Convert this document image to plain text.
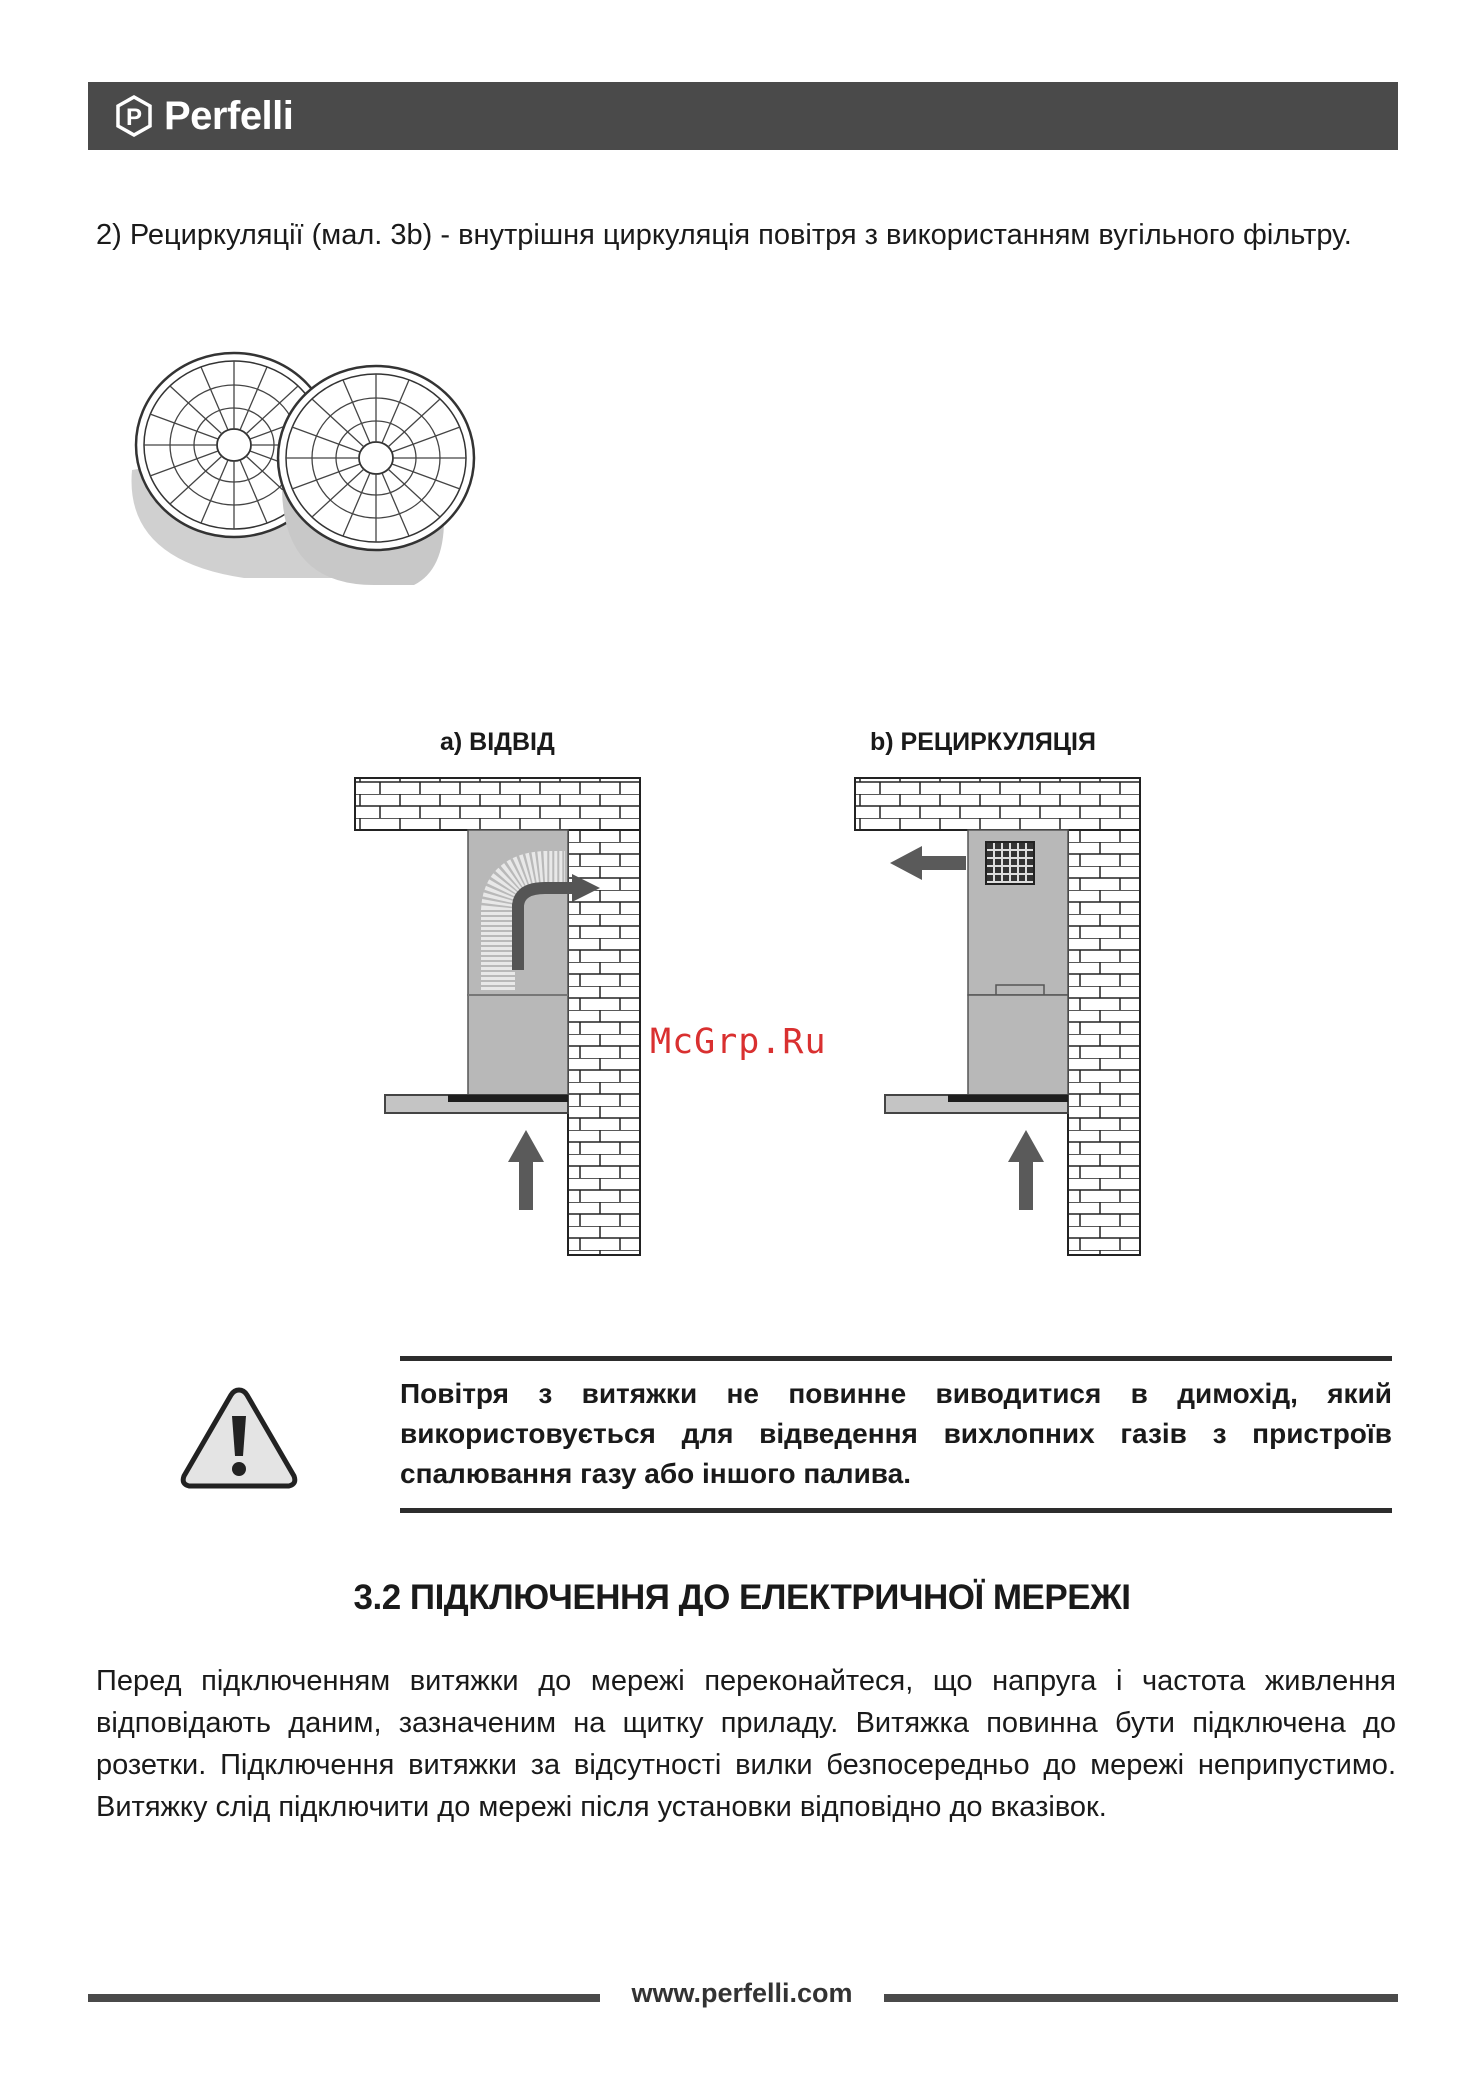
P Perfelli
2) Рециркуляції (мал. 3b) - внутрішня циркуляція повітря з використанням вугільного фільтру.
a) ВІДВІД	b) РЕЦИРКУЛЯЦІЯ
McGrp.Ru
Повітря з витяжки не повинне виводитися в димохід, який використовується для відведення вихлопних газів з пристроїв спалювання газу або іншого палива.
3.2 ПІДКЛЮЧЕННЯ ДО ЕЛЕКТРИЧНОЇ МЕРЕЖІ
Перед підключенням витяжки до мережі переконайтеся, що напруга і частота живлення відповідають даним, зазначеним на щитку приладу. Витяжка повинна бути підключена до розетки. Підключення витяжки за відсутності вилки безпосередньо до мережі неприпустимо. Витяжку слід підключити до мережі після установки відповідно до вказівок.
www.perfelli.com
